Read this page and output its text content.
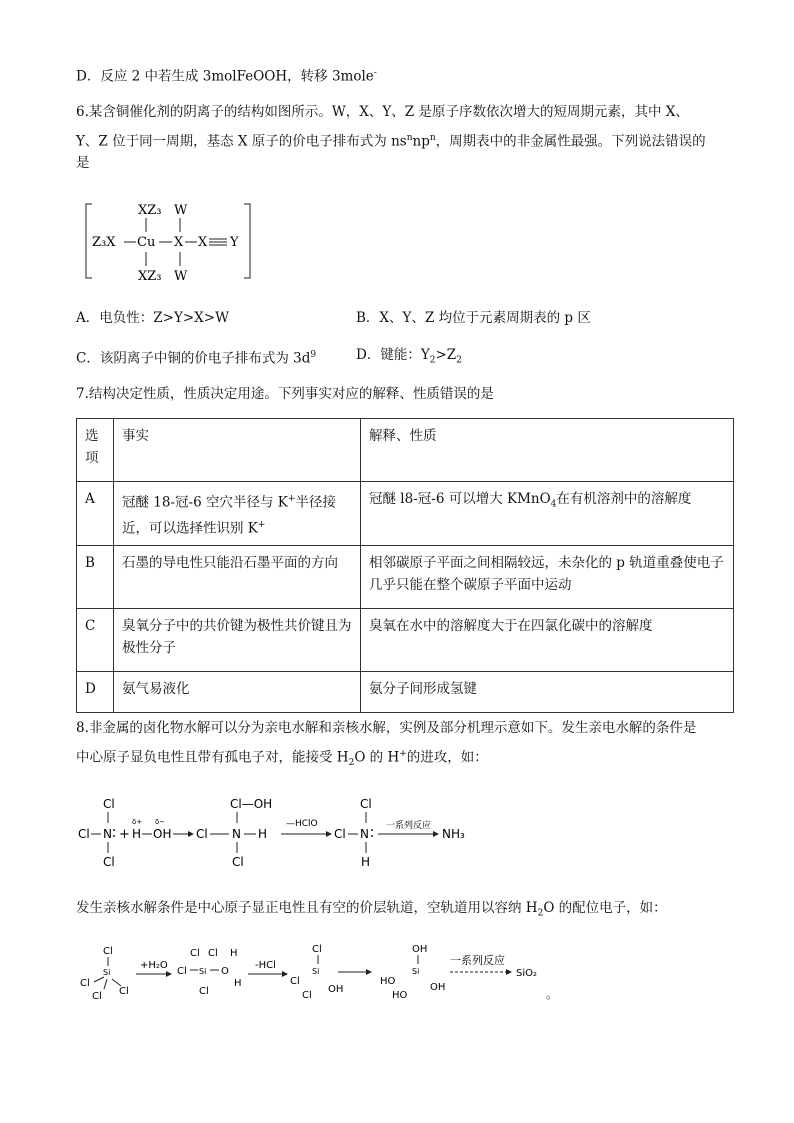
D．反应 2 中若生成 3molFeOOH，转移 3mole-
6.某含铜催化剂的阴离子的结构如图所示。W，X、Y、Z 是原子序数依次增大的短周期元素，其中 X、
Y、Z 位于同一周期，基态 X 原子的价电子排布式为 $ns^nnp^n$，周期表中的非金属性最强。下列说法错误的
是
XZ₃ W
Z₃X Cu X X Y
XZ₃ W
A．电负性：Z>Y>X>W	B．X、Y、Z 均位于元素周期表的 p 区
C．该阴离子中铜的价电子排布式为 $3d^9$	D．键能：$Y_2>Z_2$
7.结构决定性质，性质决定用途。下列事实对应的解释、性质错误的是
选项	事实	解释、性质
A	冠醚 18-冠-6 空穴半径与 K+半径接近，可以选择性识别 K+	冠醚 l8-冠-6 可以增大 KMnO$_4$在有机溶剂中的溶解度
B	石墨的导电性只能沿石墨平面的方向	相邻碳原子平面之间相隔较远，未杂化的 p 轨道重叠使电子几乎只能在整个碳原子平面中运动
C	臭氧分子中的共价键为极性共价键且为极性分子	臭氧在水中的溶解度大于在四氯化碳中的溶解度
D	氨气易液化	氨分子间形成氢键
8.非金属的卤化物水解可以分为亲电水解和亲核水解，实例及部分机理示意如下。发生亲电水解的条件是
中心原子显负电性且带有孤电子对，能接受 $H_2O$ 的 H+的进攻，如：
Cl
Cl N
Cl
+
δ+ δ−
H OH
Cl—OH
Cl N H
Cl
—HClO
Cl
Cl N
H
一系列反应
NH₃
发生亲核水解条件是中心原子显正电性且有空的价层轨道，空轨道用以容纳 $H_2O$ 的配位电子，如：
Cl
Si
Cl
Cl Cl
+H₂O
Cl Cl H
Cl Si O
H
Cl
-HCl
Cl
Si
Cl
Cl
OH
OH
Si
HO
HO
OH
一系列反应
SiO₂
。
